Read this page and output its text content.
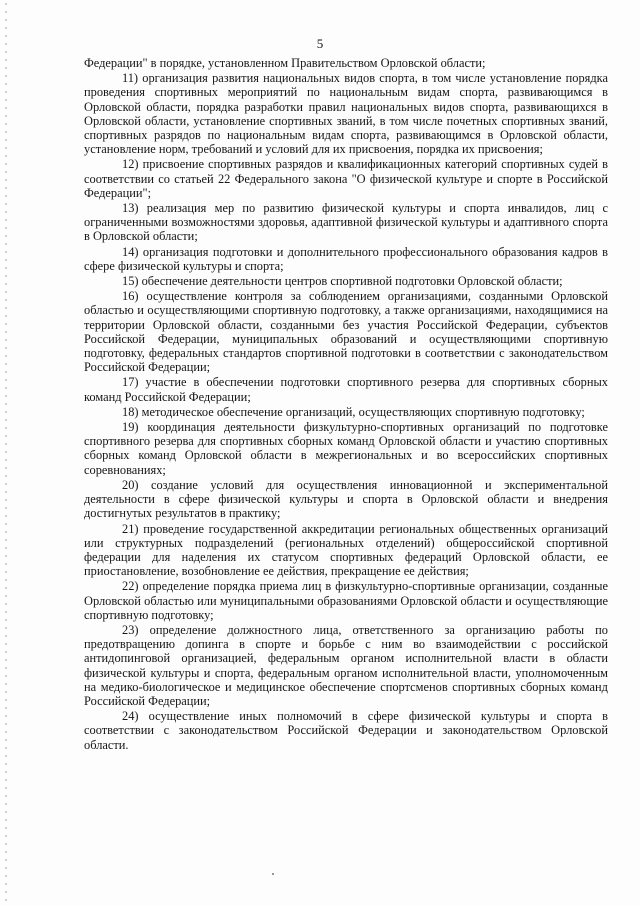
5

Федерации" в порядке, установленном Правительством Орловской области;

11) организация развития национальных видов спорта, в том числе установление порядка проведения спортивных мероприятий по национальным видам спорта, развивающимся в Орловской области, порядка разработки правил национальных видов спорта, развивающихся в Орловской области, установление спортивных званий, в том числе почетных спортивных званий, спортивных разрядов по национальным видам спорта, развивающимся в Орловской области, установление норм, требований и условий для их присвоения, порядка их присвоения;

12) присвоение спортивных разрядов и квалификационных категорий спортивных судей в соответствии со статьей 22 Федерального закона "О физической культуре и спорте в Российской Федерации";

13) реализация мер по развитию физической культуры и спорта инвалидов, лиц с ограниченными возможностями здоровья, адаптивной физической культуры и адаптивного спорта в Орловской области;

14) организация подготовки и дополнительного профессионального образования кадров в сфере физической культуры и спорта;

15) обеспечение деятельности центров спортивной подготовки Орловской области;

16) осуществление контроля за соблюдением организациями, созданными Орловской областью и осуществляющими спортивную подготовку, а также организациями, находящимися на территории Орловской области, созданными без участия Российской Федерации, субъектов Российской Федерации, муниципальных образований и осуществляющими спортивную подготовку, федеральных стандартов спортивной подготовки в соответствии с законодательством Российской Федерации;

17) участие в обеспечении подготовки спортивного резерва для спортивных сборных команд Российской Федерации;

18) методическое обеспечение организаций, осуществляющих спортивную подготовку;

19) координация деятельности физкультурно-спортивных организаций по подготовке спортивного резерва для спортивных сборных команд Орловской области и участию спортивных сборных команд Орловской области в межрегиональных и во всероссийских спортивных соревнованиях;

20) создание условий для осуществления инновационной и экспериментальной деятельности в сфере физической культуры и спорта в Орловской области и внедрения достигнутых результатов в практику;

21) проведение государственной аккредитации региональных общественных организаций или структурных подразделений (региональных отделений) общероссийской спортивной федерации для наделения их статусом спортивных федераций Орловской области, ее приостановление, возобновление ее действия, прекращение ее действия;

22) определение порядка приема лиц в физкультурно-спортивные организации, созданные Орловской областью или муниципальными образованиями Орловской области и осуществляющие спортивную подготовку;

23) определение должностного лица, ответственного за организацию работы по предотвращению допинга в спорте и борьбе с ним во взаимодействии с российской антидопинговой организацией, федеральным органом исполнительной власти в области физической культуры и спорта, федеральным органом исполнительной власти, уполномоченным на медико-биологическое и медицинское обеспечение спортсменов спортивных сборных команд Российской Федерации;

24) осуществление иных полномочий в сфере физической культуры и спорта в соответствии с законодательством Российской Федерации и законодательством Орловской области.
